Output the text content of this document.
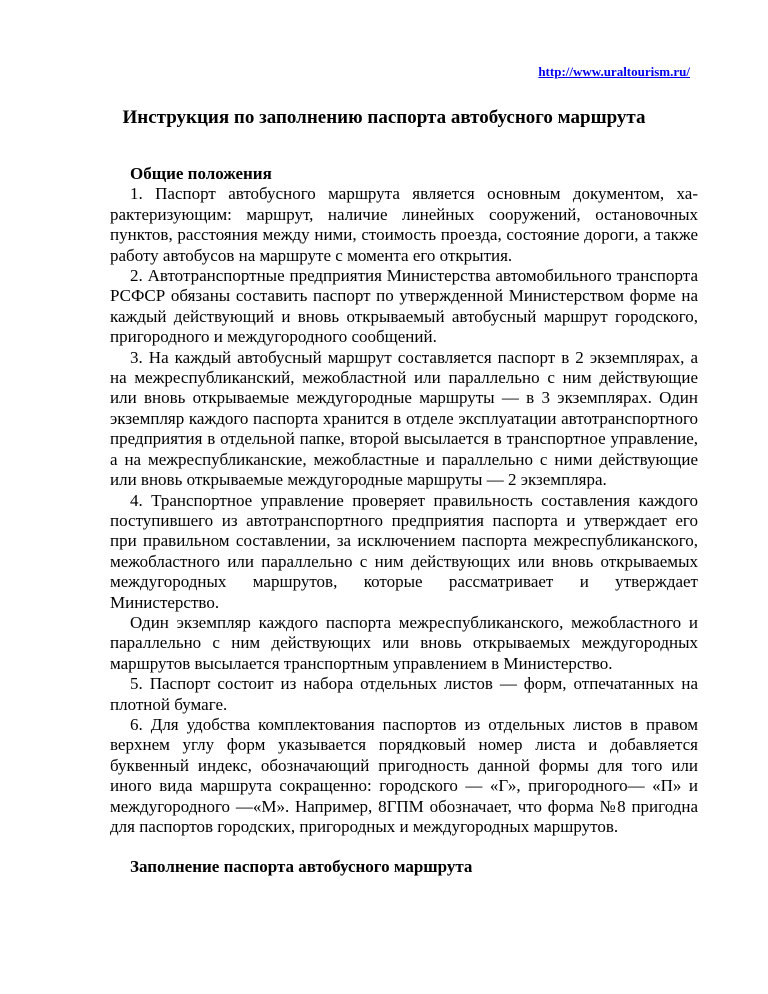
http://www.uraltourism.ru/
Инструкция по заполнению паспорта автобусного маршрута
Общие положения

1. Паспорт автобусного маршрута является основным документом, характеризующим: маршрут, наличие линейных сооружений, остановочных пунктов, расстояния между ними, стоимость проезда, состояние дороги, а также работу автобусов на маршруте с момента его открытия.

2. Автотранспортные предприятия Министерства автомобильного транспорта РСФСР обязаны составить паспорт по утвержденной Министерством форме на каждый действующий и вновь открываемый автобусный маршрут городского, пригородного и междугородного сообщений.

3. На каждый автобусный маршрут составляется паспорт в 2 экземплярах, а на межреспубликанский, межобластной или параллельно с ним действующие или вновь открываемые междугородные маршруты — в 3 экземплярах. Один экземпляр каждого паспорта хранится в отделе эксплуатации автотранспортного предприятия в отдельной папке, второй высылается в транспортное управление, а на межреспубликанские, межобластные и параллельно с ними действующие или вновь открываемые междугородные маршруты — 2 экземпляра.

4. Транспортное управление проверяет правильность составления каждого поступившего из автотранспортного предприятия паспорта и утверждает его при правильном составлении, за исключением паспорта межреспубликанского, межобластного или параллельно с ним действующих или вновь открываемых междугородных маршрутов, которые рассматривает и утверждает Министерство.

Один экземпляр каждого паспорта межреспубликанского, межобластного и параллельно с ним действующих или вновь открываемых междугородных маршрутов высылается транспортным управлением в Министерство.

5. Паспорт состоит из набора отдельных листов — форм, отпечатанных на плотной бумаге.

6. Для удобства комплектования паспортов из отдельных листов в правом верхнем углу форм указывается порядковый номер листа и добавляется буквенный индекс, обозначающий пригодность данной формы для того или иного вида маршрута сокращенно: городского — «Г», пригородного— «П» и междугородного —«М». Например, 8ГПМ обозначает, что форма №8 пригодна для паспортов городских, пригородных и междугородных маршрутов.

Заполнение паспорта автобусного маршрута
